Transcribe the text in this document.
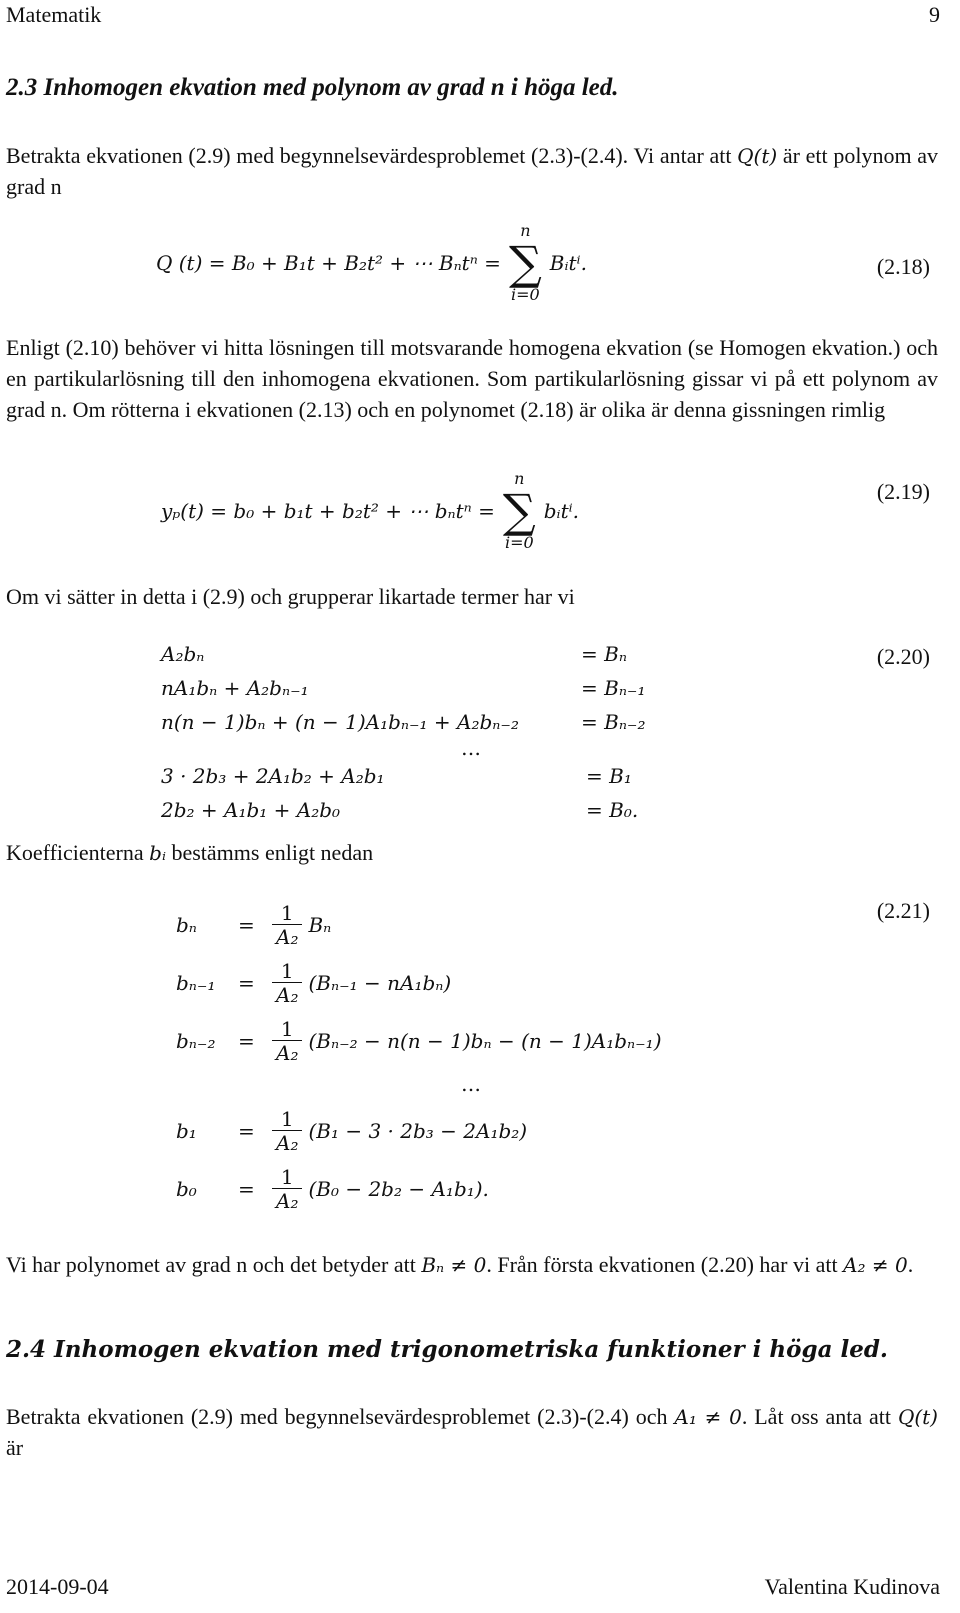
Matematik	9
2.3 Inhomogen ekvation med polynom av grad n i höga led.
Betrakta ekvationen (2.9) med begynnelsevärdesproblemet (2.3)-(2.4). Vi antar att Q(t) är ett polynom av grad n
Q (t) = B₀ + B₁t + B₂t² + ⋯ Bₙtⁿ =
n
∑
i=0
Bᵢtⁱ.	(2.18)
Enligt (2.10) behöver vi hitta lösningen till motsvarande homogena ekvation (se Homogen ekvation.) och en partikularlösning till den inhomogena ekvationen. Som partikularlösning gissar vi på ett polynom av grad n. Om rötterna i ekvationen (2.13) och en polynomet (2.18) är olika är denna gissningen rimlig
yₚ(t) = b₀ + b₁t + b₂t² + ⋯ bₙtⁿ =
n
∑
i=0
bᵢtⁱ.
(2.19)
Om vi sätter in detta i (2.9) och grupperar likartade termer har vi
A₂bₙ	= Bₙ
nA₁bₙ + A₂bₙ₋₁	= Bₙ₋₁
n(n − 1)bₙ + (n − 1)A₁bₙ₋₁ + A₂bₙ₋₂	= Bₙ₋₂
…
3 · 2b₃ + 2A₁b₂ + A₂b₁	= B₁
2b₂ + A₁b₁ + A₂b₀	= B₀.
(2.20)
Koefficienterna bᵢ bestämms enligt nedan
bₙ	= $\frac{1}{\text{A₂}}$ Bₙ
bₙ₋₁	= $\frac{1}{\text{A₂}} (B_{n-1} - nA_1b_n)$
bₙ₋₂	= $\frac{1}{\text{A₂}} (B_{n-2} - n(n - 1)b_n - (n - 1)A_1b_{n-1})$
…
b₁	= $\frac{1}{\text{A₂}} (B_1 - 3 \cdot 2b_3 - 2A_1b_2)$
b₀	= $\frac{1}{\text{A₂}} (B_0 - 2b_2 - A_1b_1)$.
(2.21)
Vi har polynomet av grad n och det betyder att Bₙ ≠ 0. Från första ekvationen (2.20) har vi att A₂ ≠ 0.
2.4 Inhomogen ekvation med trigonometriska funktioner i höga led.
Betrakta ekvationen (2.9) med begynnelsevärdesproblemet (2.3)-(2.4) och A₁ ≠ 0. Låt oss anta att Q(t) är
2014-09-04	Valentina Kudinova
